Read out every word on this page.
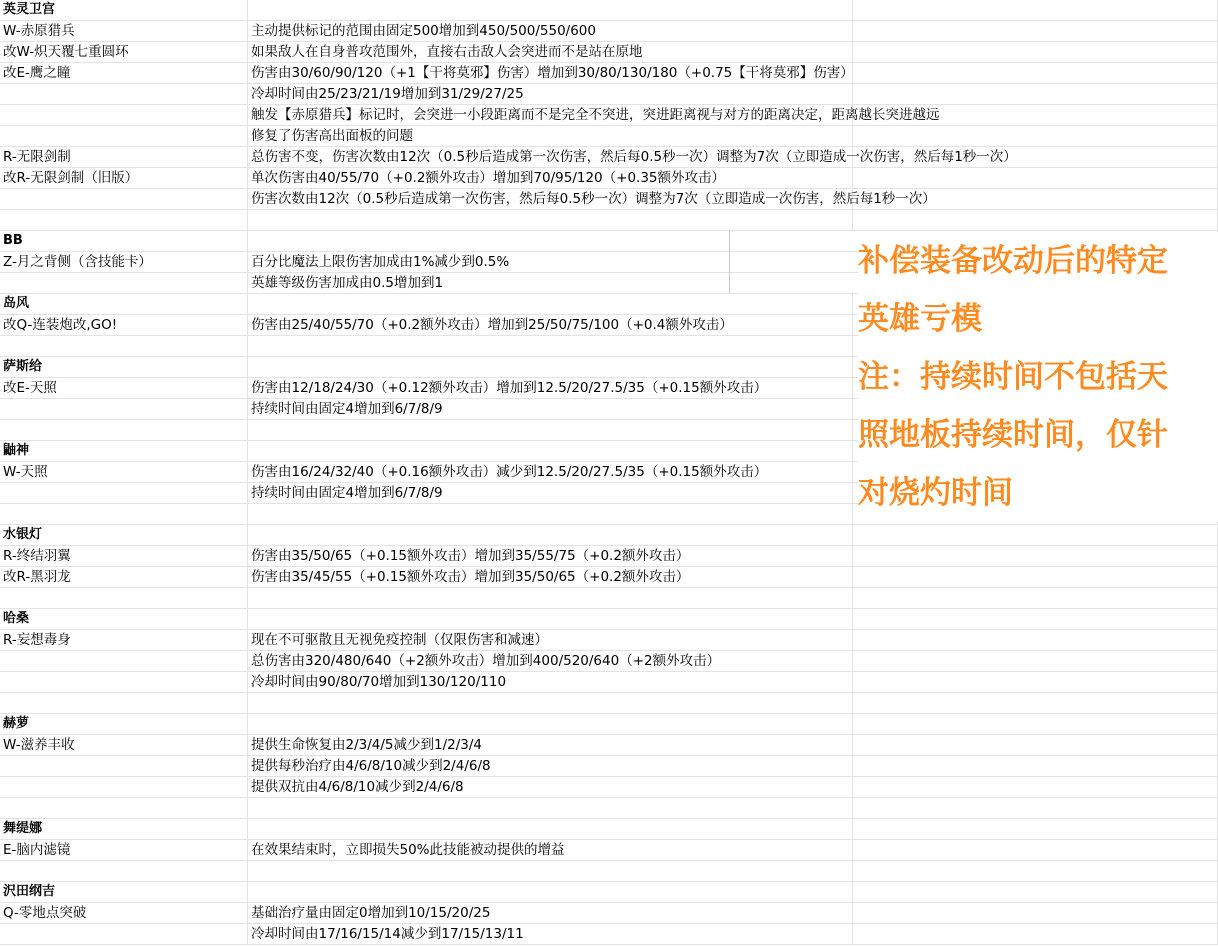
英灵卫宫
W-赤原猎兵	主动提供标记的范围由固定500增加到450/500/550/600
改W-炽天覆七重圆环	如果敌人在自身普攻范围外，直接右击敌人会突进而不是站在原地
改E-鹰之瞳	伤害由30/60/90/120（+1【干将莫邪】伤害）增加到30/80/130/180（+0.75【干将莫邪】伤害）
冷却时间由25/23/21/19增加到31/29/27/25
触发【赤原猎兵】标记时，会突进一小段距离而不是完全不突进，突进距离视与对方的距离决定，距离越长突进越远
修复了伤害高出面板的问题
R-无限剑制	总伤害不变，伤害次数由12次（0.5秒后造成第一次伤害，然后每0.5秒一次）调整为7次（立即造成一次伤害，然后每1秒一次）
改R-无限剑制（旧版）	单次伤害由40/55/70（+0.2额外攻击）增加到70/95/120（+0.35额外攻击）
伤害次数由12次（0.5秒后造成第一次伤害，然后每0.5秒一次）调整为7次（立即造成一次伤害，然后每1秒一次）
BB
Z-月之背侧（含技能卡）	百分比魔法上限伤害加成由1%减少到0.5%
英雄等级伤害加成由0.5增加到1
岛风
改Q-连装炮改,GO!	伤害由25/40/55/70（+0.2额外攻击）增加到25/50/75/100（+0.4额外攻击）
萨斯给
改E-天照	伤害由12/18/24/30（+0.12额外攻击）增加到12.5/20/27.5/35（+0.15额外攻击）
持续时间由固定4增加到6/7/8/9
鼬神
W-天照	伤害由16/24/32/40（+0.16额外攻击）减少到12.5/20/27.5/35（+0.15额外攻击）
持续时间由固定4增加到6/7/8/9
水银灯
R-终结羽翼	伤害由35/50/65（+0.15额外攻击）增加到35/55/75（+0.2额外攻击）
改R-黑羽龙	伤害由35/45/55（+0.15额外攻击）增加到35/50/65（+0.2额外攻击）
哈桑
R-妄想毒身	现在不可驱散且无视免疫控制（仅限伤害和减速）
总伤害由320/480/640（+2额外攻击）增加到400/520/640（+2额外攻击）
冷却时间由90/80/70增加到130/120/110
赫萝
W-滋养丰收	提供生命恢复由2/3/4/5减少到1/2/3/4
提供每秒治疗由4/6/8/10减少到2/4/6/8
提供双抗由4/6/8/10减少到2/4/6/8
舞缇娜
E-脑内滤镜	在效果结束时，立即损失50%此技能被动提供的增益
沢田纲吉
Q-零地点突破	基础治疗量由固定0增加到10/15/20/25
冷却时间由17/16/15/14减少到17/15/13/11
补偿装备改动后的特定
英雄亏模
注：持续时间不包括天
照地板持续时间，仅针
对烧灼时间
